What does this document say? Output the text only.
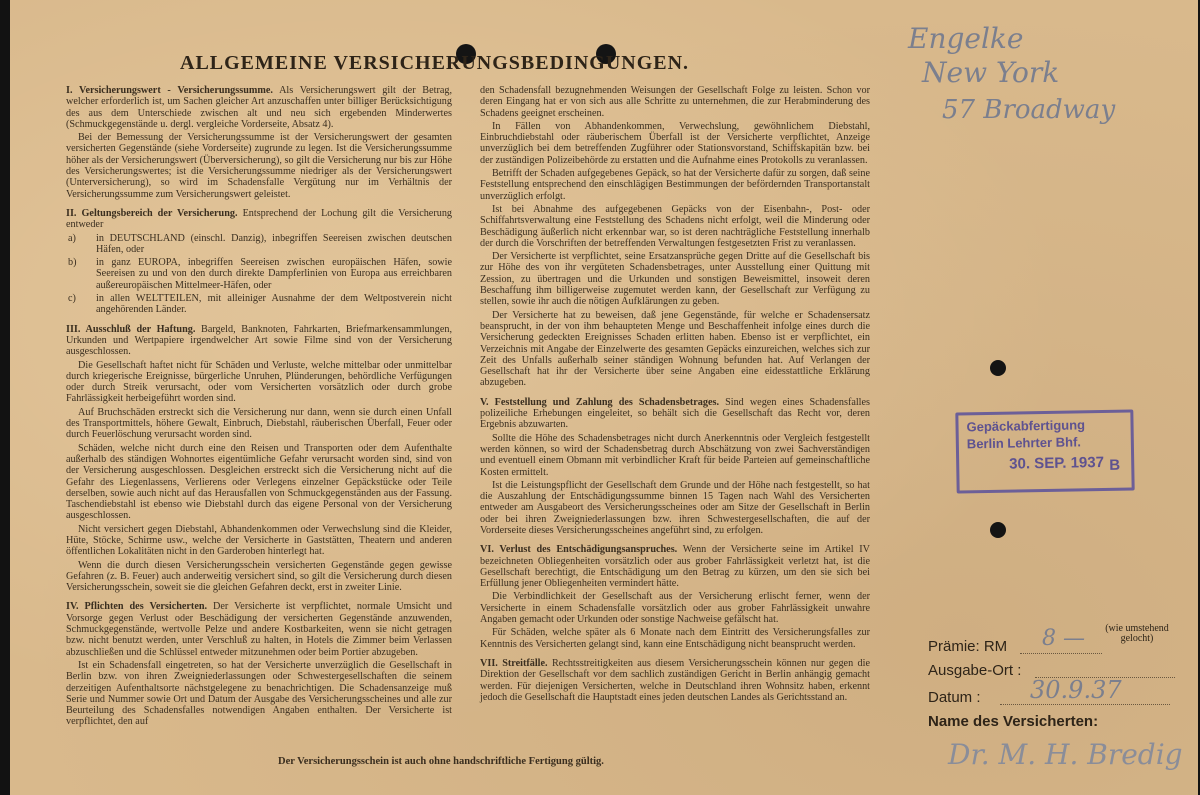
ALLGEMEINE VERSICHERUNGSBEDINGUNGEN.
Engelke
New York
57 Broadway

I. Versicherungswert - Versicherungssumme. Als Versicherungswert gilt der Betrag, welcher erforderlich ist, um Sachen gleicher Art anzuschaffen unter billiger Berücksichtigung des aus dem Unterschiede zwischen alt und neu sich ergebenden Minderwertes (Schmuckgegenstände u. dergl. vergleiche Vorderseite, Absatz 4).

Bei der Bemessung der Versicherungssumme ist der Versicherungswert der gesamten versicherten Gegenstände (siehe Vorderseite) zugrunde zu legen. Ist die Versicherungssumme höher als der Versicherungswert (Überversicherung), so gilt die Versicherung nur bis zur Höhe des Versicherungswertes; ist die Versicherungssumme niedriger als der Versicherungswert (Unterversicherung), so wird im Schadensfalle Vergütung nur im Verhältnis der Versicherungssumme zum Versicherungswert geleistet.

II. Geltungsbereich der Versicherung. Entsprechend der Lochung gilt die Versicherung entweder

a) in DEUTSCHLAND (einschl. Danzig), inbegriffen Seereisen zwischen deutschen Häfen, oder

b) in ganz EUROPA, inbegriffen Seereisen zwischen europäischen Häfen, sowie Seereisen zu und von den durch direkte Dampferlinien von Europa aus erreichbaren außereuropäischen Mittelmeer-Häfen, oder

c) in allen WELTTEILEN, mit alleiniger Ausnahme der dem Weltpostverein nicht angehörenden Länder.

III. Ausschluß der Haftung. Bargeld, Banknoten, Fahrkarten, Briefmarkensammlungen, Urkunden und Wertpapiere irgendwelcher Art sowie Filme sind von der Versicherung ausgeschlossen.

Die Gesellschaft haftet nicht für Schäden und Verluste, welche mittelbar oder unmittelbar durch kriegerische Ereignisse, bürgerliche Unruhen, Plünderungen, behördliche Verfügungen oder durch Streik verursacht, oder vom Versicherten vorsätzlich oder durch grobe Fahrlässigkeit herbeigeführt worden sind.

Auf Bruchschäden erstreckt sich die Versicherung nur dann, wenn sie durch einen Unfall des Transportmittels, höhere Gewalt, Einbruch, Diebstahl, räuberischen Überfall, Feuer oder durch Feuerlöschung verursacht worden sind.

Schäden, welche nicht durch eine den Reisen und Transporten oder dem Aufenthalte außerhalb des ständigen Wohnortes eigentümliche Gefahr verursacht worden sind, sind von der Versicherung ausgeschlossen. Desgleichen erstreckt sich die Versicherung nicht auf die Gefahr des Liegenlassens, Verlierens oder Verlegens einzelner Gepäckstücke oder Teile derselben, sowie auch nicht auf das Herausfallen von Schmuckgegenständen aus der Fassung. Taschendiebstahl ist ebenso wie Diebstahl durch das eigene Personal von der Versicherung ausgeschlossen.

Nicht versichert gegen Diebstahl, Abhandenkommen oder Verwechslung sind die Kleider, Hüte, Stöcke, Schirme usw., welche der Versicherte in Gaststätten, Theatern und anderen öffentlichen Lokalitäten nicht in den Garderoben hinterlegt hat.

Wenn die durch diesen Versicherungsschein versicherten Gegenstände gegen gewisse Gefahren (z. B. Feuer) auch anderweitig versichert sind, so gilt die Versicherung durch diesen Versicherungsschein, soweit sie die gleichen Gefahren deckt, erst in zweiter Linie.

IV. Pflichten des Versicherten. Der Versicherte ist verpflichtet, normale Umsicht und Vorsorge gegen Verlust oder Beschädigung der versicherten Gegenstände anzuwenden, Schmuckgegenstände, wertvolle Pelze und andere Kostbarkeiten, wenn sie nicht getragen bzw. nicht benutzt werden, unter Verschluß zu halten, in Hotels die Zimmer beim Verlassen abzuschließen und die Schlüssel entweder mitzunehmen oder beim Portier abzugeben.

Ist ein Schadensfall eingetreten, so hat der Versicherte unverzüglich die Gesellschaft in Berlin bzw. von ihren Zweigniederlassungen oder Schwestergesellschaften die seinem derzeitigen Aufenthaltsorte nächstgelegene zu benachrichtigen. Die Schadensanzeige muß Serie und Nummer sowie Ort und Datum der Ausgabe des Versicherungsscheines und alle zur Beurteilung des Schadensfalles notwendigen Angaben enthalten. Der Versicherte ist verpflichtet, den auf

den Schadensfall bezugnehmenden Weisungen der Gesellschaft Folge zu leisten. Schon vor deren Eingang hat er von sich aus alle Schritte zu unternehmen, die zur Herabminderung des Schadens geeignet erscheinen.

In Fällen von Abhandenkommen, Verwechslung, gewöhnlichem Diebstahl, Einbruchdiebstahl oder räuberischem Überfall ist der Versicherte verpflichtet, Anzeige unverzüglich bei dem betreffenden Zugführer oder Stationsvorstand, Schiffskapitän bzw. bei der zuständigen Polizeibehörde zu erstatten und die Aufnahme eines Protokolls zu veranlassen.

Betrifft der Schaden aufgegebenes Gepäck, so hat der Versicherte dafür zu sorgen, daß seine Feststellung entsprechend den einschlägigen Bestimmungen der befördernden Transportanstalt unverzüglich erfolgt.

Ist bei Abnahme des aufgegebenen Gepäcks von der Eisenbahn-, Post- oder Schiffahrtsverwaltung eine Feststellung des Schadens nicht erfolgt, weil die Minderung oder Beschädigung äußerlich nicht erkennbar war, so ist deren nachträgliche Feststellung innerhalb der durch die Vorschriften der betreffenden Verwaltungen festgesetzten Frist zu veranlassen.

Der Versicherte ist verpflichtet, seine Ersatzansprüche gegen Dritte auf die Gesellschaft bis zur Höhe des von ihr vergüteten Schadensbetrages, unter Ausstellung einer Quittung mit Zession, zu übertragen und die Urkunden und sonstigen Beweismittel, insoweit deren Beschaffung ihm billigerweise zugemutet werden kann, der Gesellschaft zur Verfügung zu stellen, sowie ihr auch die nötigen Aufklärungen zu geben.

Der Versicherte hat zu beweisen, daß jene Gegenstände, für welche er Schadensersatz beansprucht, in der von ihm behaupteten Menge und Beschaffenheit infolge eines durch die Versicherung gedeckten Ereignisses Schaden erlitten haben. Ebenso ist er verpflichtet, ein Verzeichnis mit Angabe der Einzelwerte des gesamten Gepäcks einzureichen, welches sich zur Zeit des Unfalls außerhalb seiner ständigen Wohnung befunden hat. Auf Verlangen der Gesellschaft hat ihr der Versicherte über seine Angaben eine eidesstattliche Erklärung abzugeben.

V. Feststellung und Zahlung des Schadensbetrages. Sind wegen eines Schadensfalles polizeiliche Erhebungen eingeleitet, so behält sich die Gesellschaft das Recht vor, deren Ergebnis abzuwarten.

Sollte die Höhe des Schadensbetrages nicht durch Anerkenntnis oder Vergleich festgestellt werden können, so wird der Schadensbetrag durch Abschätzung von zwei Sachverständigen und eventuell einem Obmann mit verbindlicher Kraft für beide Parteien auf gemeinschaftliche Kosten ermittelt.

Ist die Leistungspflicht der Gesellschaft dem Grunde und der Höhe nach festgestellt, so hat die Auszahlung der Entschädigungssumme binnen 15 Tagen nach Wahl des Versicherten entweder am Ausgabeort des Versicherungsscheines oder am Sitze der Gesellschaft in Berlin oder bei ihren Zweigniederlassungen bzw. ihren Schwestergesellschaften, die auf der Vorderseite dieses Versicherungsscheines angeführt sind, zu erfolgen.

VI. Verlust des Entschädigungsanspruches. Wenn der Versicherte seine im Artikel IV bezeichneten Obliegenheiten vorsätzlich oder aus grober Fahrlässigkeit verletzt hat, ist die Gesellschaft berechtigt, die Entschädigung um den Betrag zu kürzen, um den sie sich bei Erfüllung jener Obliegenheiten vermindert hätte.

Die Verbindlichkeit der Gesellschaft aus der Versicherung erlischt ferner, wenn der Versicherte in einem Schadensfalle vorsätzlich oder aus grober Fahrlässigkeit unwahre Angaben gemacht oder Urkunden oder sonstige Nachweise gefälscht hat.

Für Schäden, welche später als 6 Monate nach dem Eintritt des Versicherungsfalles zur Kenntnis des Versicherten gelangt sind, kann eine Entschädigung nicht beansprucht werden.

VII. Streitfälle. Rechtsstreitigkeiten aus diesem Versicherungsschein können nur gegen die Direktion der Gesellschaft vor dem sachlich zuständigen Gericht in Berlin anhängig gemacht werden. Für diejenigen Versicherten, welche in Deutschland ihren Wohnsitz haben, erkennt jedoch die Gesellschaft die Hauptstadt eines jeden deutschen Landes als Gerichtsstand an.

Der Versicherungsschein ist auch ohne handschriftliche Fertigung gültig.
Gepäckabfertigung
Berlin Lehrter Bhf.
30. SEP. 1937 B
Prämie: RM 8 —	(wie umstehend gelocht)
Ausgabe-Ort :
Datum : 30.9.37
Name des Versicherten:
Dr. M. H. Bredig
